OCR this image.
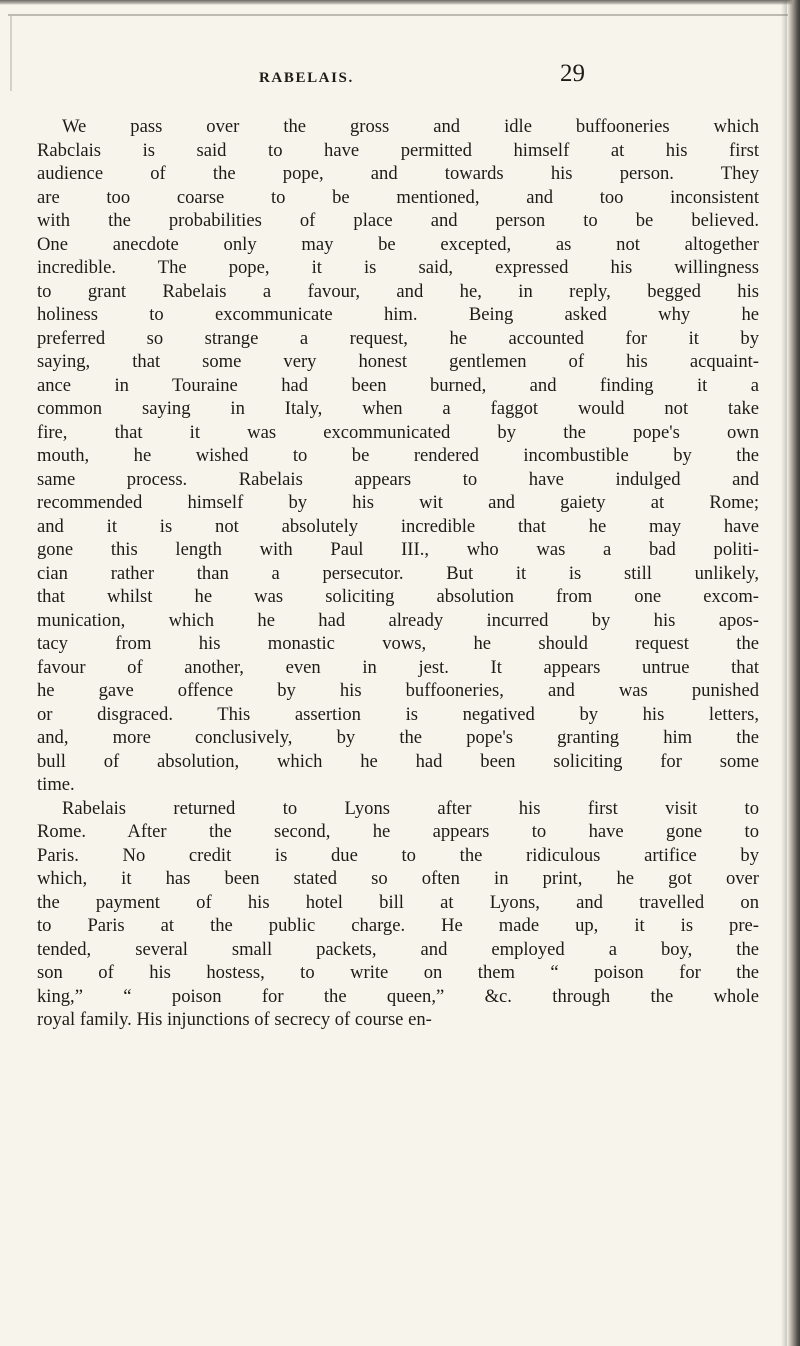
RABELAIS.	29
We pass over the gross and idle buffooneries which
Rabclais is said to have permitted himself at his first
audience of the pope, and towards his person. They
are too coarse to be mentioned, and too inconsistent
with the probabilities of place and person to be believed.
One anecdote only may be excepted, as not altogether
incredible. The pope, it is said, expressed his willingness
to grant Rabelais a favour, and he, in reply, begged his
holiness to excommunicate him. Being asked why he
preferred so strange a request, he accounted for it by
saying, that some very honest gentlemen of his acquaint-
ance in Touraine had been burned, and finding it a
common saying in Italy, when a faggot would not take
fire, that it was excommunicated by the pope's own
mouth, he wished to be rendered incombustible by the
same process. Rabelais appears to have indulged and
recommended himself by his wit and gaiety at Rome;
and it is not absolutely incredible that he may have
gone this length with Paul III., who was a bad politi-
cian rather than a persecutor. But it is still unlikely,
that whilst he was soliciting absolution from one excom-
munication, which he had already incurred by his apos-
tacy from his monastic vows, he should request the
favour of another, even in jest. It appears untrue that
he gave offence by his buffooneries, and was punished
or disgraced. This assertion is negatived by his letters,
and, more conclusively, by the pope's granting him the
bull of absolution, which he had been soliciting for some
time.
Rabelais returned to Lyons after his first visit to
Rome. After the second, he appears to have gone to
Paris. No credit is due to the ridiculous artifice by
which, it has been stated so often in print, he got over
the payment of his hotel bill at Lyons, and travelled on
to Paris at the public charge. He made up, it is pre-
tended, several small packets, and employed a boy, the
son of his hostess, to write on them “ poison for the
king,” “ poison for the queen,” &c. through the whole
royal family. His injunctions of secrecy of course en-
